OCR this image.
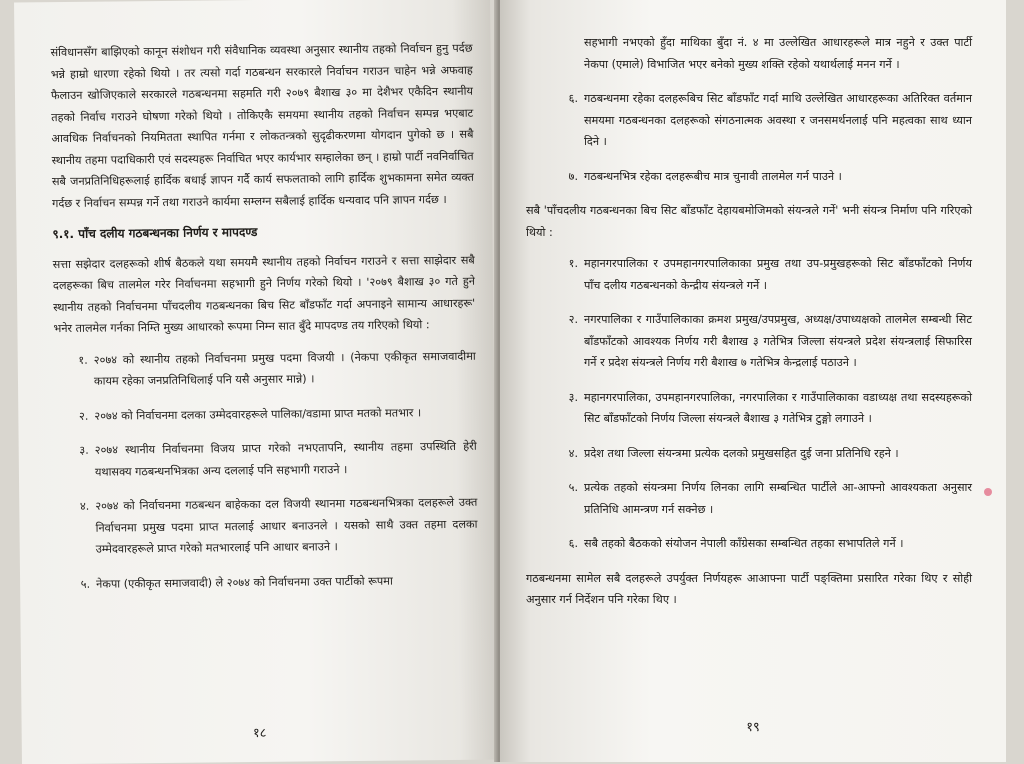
संविधानसँग बाझिएको कानून संशोधन गरी संवैधानिक व्यवस्था अनुसार स्थानीय तहको निर्वाचन हुनु पर्दछ भन्ने हाम्रो धारणा रहेको थियो । तर त्यसो गर्दा गठबन्धन सरकारले निर्वाचन गराउन चाहेन भन्ने अफवाह फैलाउन खोजिएकाले सरकारले गठबन्धनमा सहमति गरी २०७९ बैशाख ३० मा देशैभर एकैदिन स्थानीय तहको निर्वाच गराउने घोषणा गरेको थियो । तोकिएकै समयमा स्थानीय तहको निर्वाचन सम्पन्न भएबाट आवधिक निर्वाचनको नियमितता स्थापित गर्नमा र लोकतन्त्रको सुदृढीकरणमा योगदान पुगेको छ । सबै स्थानीय तहमा पदाधिकारी एवं सदस्यहरू निर्वाचित भएर कार्यभार सम्हालेका छन् । हाम्रो पार्टी नवनिर्वाचित सबै जनप्रतिनिधिहरूलाई हार्दिक बधाई ज्ञापन गर्दै कार्य सफलताको लागि हार्दिक शुभकामना समेत व्यक्त गर्दछ र निर्वाचन सम्पन्न गर्ने तथा गराउने कार्यमा सम्लग्न सबैलाई हार्दिक धन्यवाद पनि ज्ञापन गर्दछ ।

९.१. पाँच दलीय गठबन्धनका निर्णय र मापदण्ड

सत्ता सझेदार दलहरूको शीर्ष बैठकले यथा समयमै स्थानीय तहको निर्वाचन गराउने र सत्ता साझेदार सबै दलहरूका बिच तालमेल गरेर निर्वाचनमा सहभागी हुने निर्णय गरेको थियो । '२०७९ बैशाख ३० गते हुने स्थानीय तहको निर्वाचनमा पाँचदलीय गठबन्धनका बिच सिट बाँडफाँट गर्दा अपनाइने सामान्य आधारहरू' भनेर तालमेल गर्नका निम्ति मुख्य आधारको रूपमा निम्न सात बुँदे मापदण्ड तय गरिएको थियो :

१. २०७४ को स्थानीय तहको निर्वाचनमा प्रमुख पदमा विजयी । (नेकपा एकीकृत समाजवादीमा कायम रहेका जनप्रतिनिधिलाई पनि यसै अनुसार मान्ने) ।
२. २०७४ को निर्वाचनमा दलका उम्मेदवारहरूले पालिका/वडामा प्राप्त मतको मतभार ।
३. २०७४ स्थानीय निर्वाचनमा विजय प्राप्त गरेको नभएतापनि, स्थानीय तहमा उपस्थिति हेरी यथासक्य गठबन्धनभित्रका अन्य दललाई पनि सहभागी गराउने ।
४. २०७४ को निर्वाचनमा गठबन्धन बाहेकका दल विजयी स्थानमा गठबन्धनभित्रका दलहरूले उक्त निर्वाचनमा प्रमुख पदमा प्राप्त मतलाई आधार बनाउनले । यसको साथै उक्त तहमा दलका उम्मेदवारहरूले प्राप्त गरेको मतभारलाई पनि आधार बनाउने ।
५. नेकपा (एकीकृत समाजवादी) ले २०७४ को निर्वाचनमा उक्त पार्टीको रूपमा
१८
सहभागी नभएको हुँदा माथिका बुँदा नं. ४ मा उल्लेखित आधारहरूले मात्र नहुने र उक्त पार्टी नेकपा (एमाले) विभाजित भएर बनेको मुख्य शक्ति रहेको यथार्थलाई मनन गर्ने ।
६. गठबन्धनमा रहेका दलहरूबिच सिट बाँडफाँट गर्दा माथि उल्लेखित आधारहरूका अतिरिक्त वर्तमान समयमा गठबन्धनका दलहरूको संगठनात्मक अवस्था र जनसमर्थनलाई पनि महत्वका साथ ध्यान दिने ।
७. गठबन्धनभित्र रहेका दलहरूबीच मात्र चुनावी तालमेल गर्न पाउने ।

सबै 'पाँचदलीय गठबन्धनका बिच सिट बाँडफाँट देहायबमोजिमको संयन्त्रले गर्ने' भनी संयन्त्र निर्माण पनि गरिएको थियो :

१. महानगरपालिका र उपमहानगरपालिकाका प्रमुख तथा उप-प्रमुखहरूको सिट बाँडफाँटको निर्णय पाँच दलीय गठबन्धनको केन्द्रीय संयन्त्रले गर्ने ।
२. नगरपालिका र गाउँपालिकाका क्रमश प्रमुख/उपप्रमुख, अध्यक्ष/उपाध्यक्षको तालमेल सम्बन्धी सिट बाँडफाँटको आवश्यक निर्णय गरी बैशाख ३ गतेभित्र जिल्ला संयन्त्रले प्रदेश संयन्त्रलाई सिफारिस गर्ने र प्रदेश संयन्त्रले निर्णय गरी बैशाख ७ गतेभित्र केन्द्रलाई पठाउने ।
३. महानगरपालिका, उपमहानगरपालिका, नगरपालिका र गाउँपालिकाका वडाध्यक्ष तथा सदस्यहरूको सिट बाँडफाँटको निर्णय जिल्ला संयन्त्रले बैशाख ३ गतेभित्र टुङ्गो लगाउने ।
४. प्रदेश तथा जिल्ला संयन्त्रमा प्रत्येक दलको प्रमुखसहित दुई जना प्रतिनिधि रहने ।
५. प्रत्येक तहको संयन्त्रमा निर्णय लिनका लागि सम्बन्धित पार्टीले आ-आफ्नो आवश्यकता अनुसार प्रतिनिधि आमन्त्रण गर्न सक्नेछ ।
६. सबै तहको बैठकको संयोजन नेपाली काँग्रेसका सम्बन्धित तहका सभापतिले गर्ने ।

गठबन्धनमा सामेल सबै दलहरूले उपर्युक्त निर्णयहरू आआफ्ना पार्टी पङ्क्तिमा प्रसारित गरेका थिए र सोही अनुसार गर्न निर्देशन पनि गरेका थिए ।

१९
